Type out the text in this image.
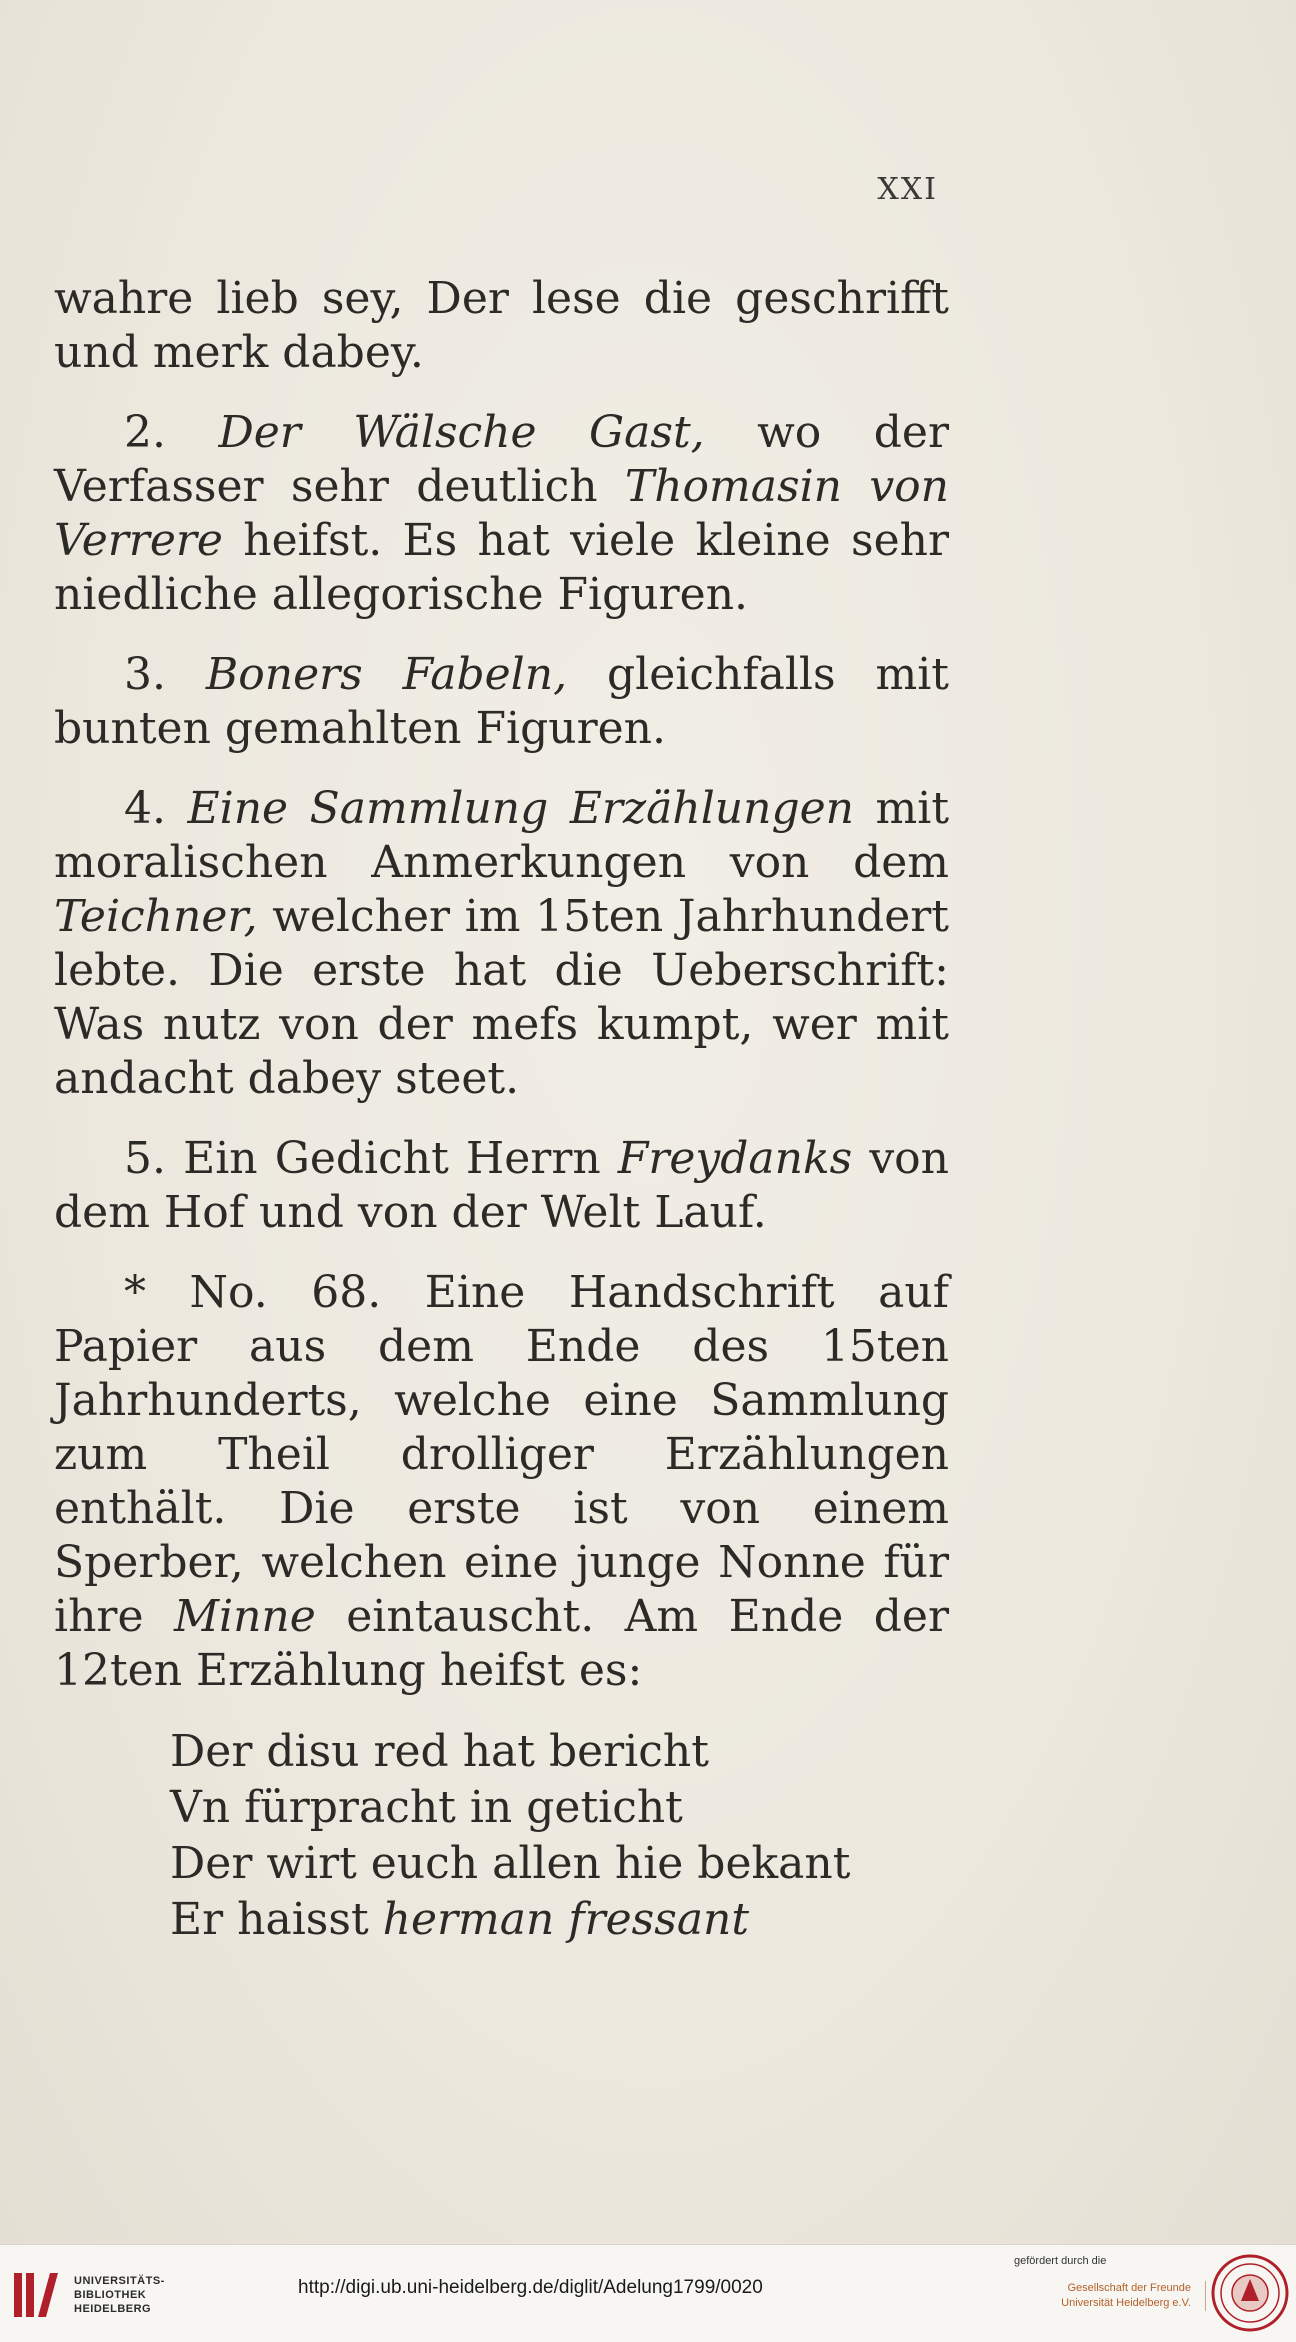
XXI

wahre lieb sey, Der lese die geschrifft und merk dabey.

2. Der Wälsche Gast, wo der Verfasser sehr deutlich Thomasin von Verrere heifst. Es hat viele kleine sehr niedliche allegorische Figuren.

3. Boners Fabeln, gleichfalls mit bunten gemahlten Figuren.

4. Eine Sammlung Erzählungen mit moralischen Anmerkungen von dem Teichner, welcher im 15ten Jahrhundert lebte. Die erste hat die Ueberschrift: Was nutz von der mefs kumpt, wer mit andacht dabey steet.

5. Ein Gedicht Herrn Freydanks von dem Hof und von der Welt Lauf.

* No. 68. Eine Handschrift auf Papier aus dem Ende des 15ten Jahrhunderts, welche eine Sammlung zum Theil drolliger Erzählungen enthält. Die erste ist von einem Sperber, welchen eine junge Nonne für ihre Minne eintauscht. Am Ende der 12ten Erzählung heifst es:

Der disu red hat bericht
Vn fürpracht in geticht
Der wirt euch allen hie bekant
Er haisst herman fressant
UNIVERSITÄTS-
BIBLIOTHEK
HEIDELBERG
http://digi.ub.uni-heidelberg.de/diglit/Adelung1799/0020
gefördert durch die
Gesellschaft der Freunde
Universität Heidelberg e.V.
